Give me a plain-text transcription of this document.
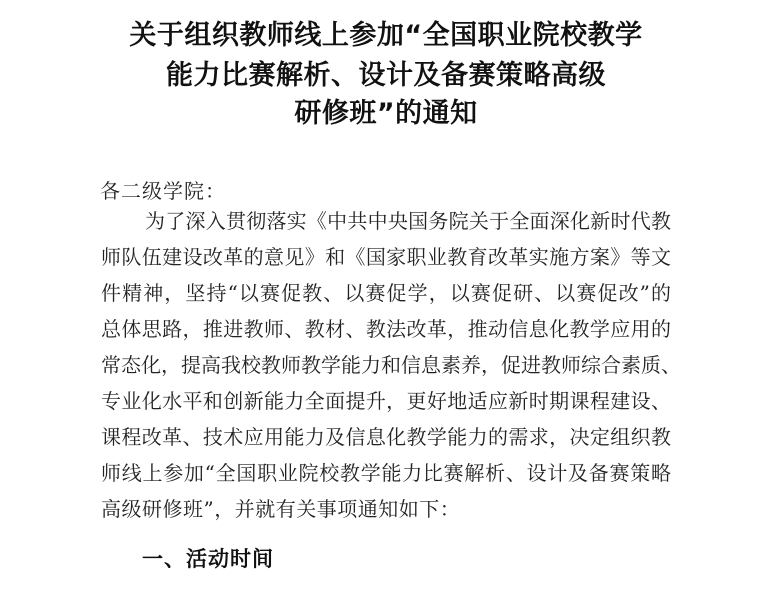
关于组织教师线上参加“全国职业院校教学
能力比赛解析、设计及备赛策略高级
研修班”的通知
各二级学院：
为了深入贯彻落实《中共中央国务院关于全面深化新时代教
师队伍建设改革的意见》和《国家职业教育改革实施方案》等文
件精神，坚持“以赛促教、以赛促学，以赛促研、以赛促改”的
总体思路，推进教师、教材、教法改革，推动信息化教学应用的
常态化，提高我校教师教学能力和信息素养，促进教师综合素质、
专业化水平和创新能力全面提升，更好地适应新时期课程建设、
课程改革、技术应用能力及信息化教学能力的需求，决定组织教
师线上参加“全国职业院校教学能力比赛解析、设计及备赛策略
高级研修班”，并就有关事项通知如下：
一、活动时间
